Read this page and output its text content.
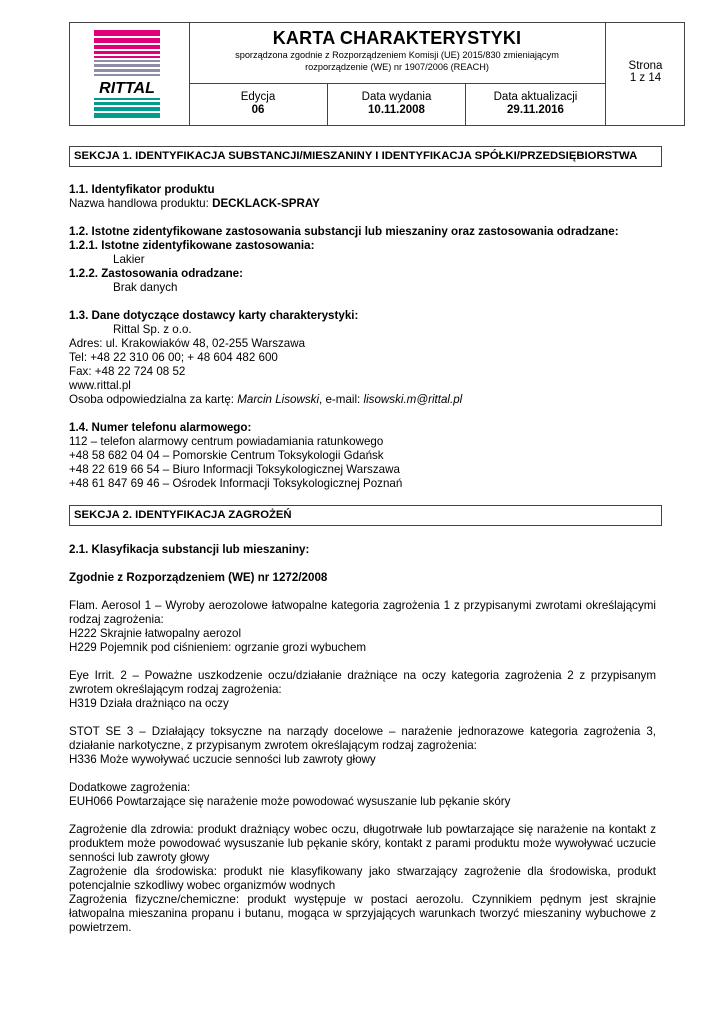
RITTAL
KARTA CHARAKTERYSTYKI
sporządzona zgodnie z Rozporządzeniem Komisji (UE) 2015/830 zmieniającym
rozporządzenie (WE) nr 1907/2006 (REACH)
Edycja
06
Data wydania
10.11.2008
Data aktualizacji
29.11.2016
Strona
1 z 14
SEKCJA 1. IDENTYFIKACJA SUBSTANCJI/MIESZANINY I IDENTYFIKACJA SPÓŁKI/PRZEDSIĘBIORSTWA
1.1. Identyfikator produktu
Nazwa handlowa produktu: DECKLACK-SPRAY
1.2. Istotne zidentyfikowane zastosowania substancji lub mieszaniny oraz zastosowania odradzane:
1.2.1. Istotne zidentyfikowane zastosowania:
Lakier
1.2.2. Zastosowania odradzane:
Brak danych
1.3. Dane dotyczące dostawcy karty charakterystyki:
Rittal Sp. z o.o.
Adres: ul. Krakowiaków 48, 02-255 Warszawa
Tel: +48 22 310 06 00; + 48 604 482 600
Fax: +48 22 724 08 52
www.rittal.pl
Osoba odpowiedzialna za kartę: Marcin Lisowski, e-mail: lisowski.m@rittal.pl
1.4. Numer telefonu alarmowego:
112 – telefon alarmowy centrum powiadamiania ratunkowego
+48 58 682 04 04 – Pomorskie Centrum Toksykologii Gdańsk
+48 22 619 66 54 – Biuro Informacji Toksykologicznej Warszawa
+48 61 847 69 46 – Ośrodek Informacji Toksykologicznej Poznań
SEKCJA 2. IDENTYFIKACJA ZAGROŻEŃ
2.1. Klasyfikacja substancji lub mieszaniny:
Zgodnie z Rozporządzeniem (WE) nr 1272/2008
Flam. Aerosol 1 – Wyroby aerozolowe łatwopalne kategoria zagrożenia 1 z przypisanymi zwrotami określającymi rodzaj zagrożenia:
H222 Skrajnie łatwopalny aerozol
H229 Pojemnik pod ciśnieniem: ogrzanie grozi wybuchem
Eye Irrit. 2 – Poważne uszkodzenie oczu/działanie drażniące na oczy kategoria zagrożenia 2 z przypisanym zwrotem określającym rodzaj zagrożenia:
H319 Działa drażniąco na oczy
STOT SE 3 – Działający toksyczne na narządy docelowe – narażenie jednorazowe kategoria zagrożenia 3, działanie narkotyczne, z przypisanym zwrotem określającym rodzaj zagrożenia:
H336 Może wywoływać uczucie senności lub zawroty głowy
Dodatkowe zagrożenia:
EUH066 Powtarzające się narażenie może powodować wysuszanie lub pękanie skóry
Zagrożenie dla zdrowia: produkt drażniący wobec oczu, długotrwałe lub powtarzające się narażenie na kontakt z produktem może powodować wysuszanie lub pękanie skóry, kontakt z parami produktu może wywoływać uczucie senności lub zawroty głowy
Zagrożenie dla środowiska: produkt nie klasyfikowany jako stwarzający zagrożenie dla środowiska, produkt potencjalnie szkodliwy wobec organizmów wodnych
Zagrożenia fizyczne/chemiczne: produkt występuje w postaci aerozolu. Czynnikiem pędnym jest skrajnie łatwopalna mieszanina propanu i butanu, mogąca w sprzyjających warunkach tworzyć mieszaniny wybuchowe z powietrzem.
